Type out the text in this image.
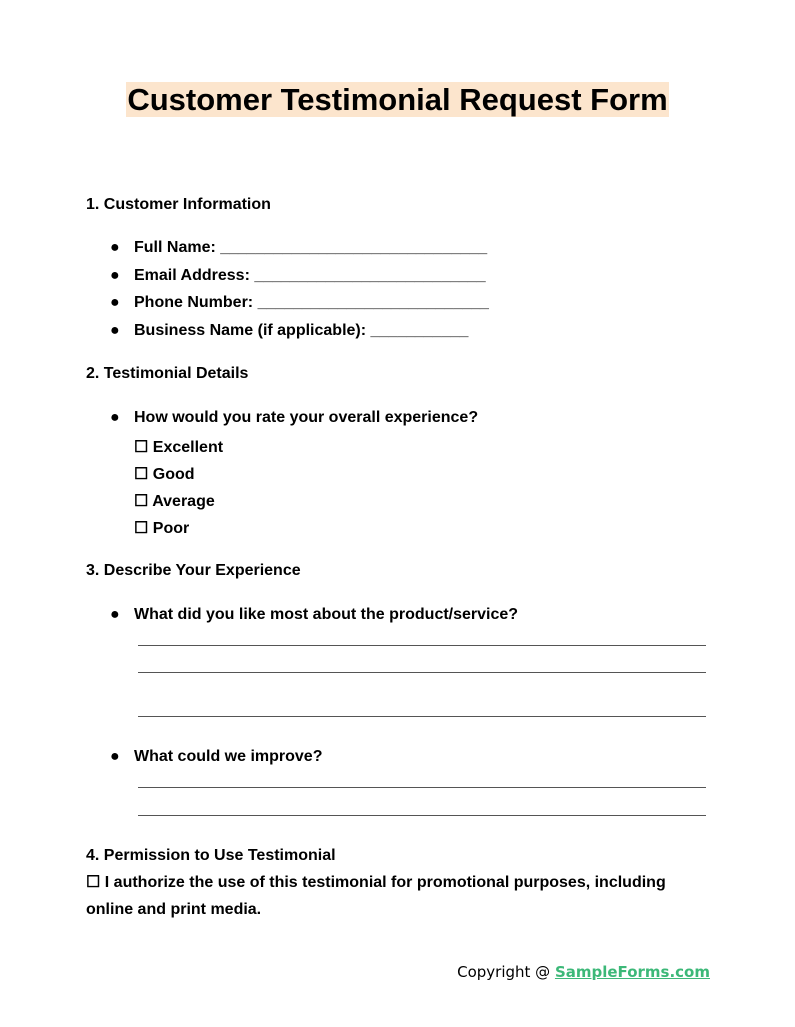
Customer Testimonial Request Form
1. Customer Information
● Full Name: ______________________________
● Email Address: __________________________
● Phone Number: __________________________
● Business Name (if applicable): ___________
2. Testimonial Details
● How would you rate your overall experience?
☐ Excellent
☐ Good
☐ Average
☐ Poor
3. Describe Your Experience
● What did you like most about the product/service?
● What could we improve?
4. Permission to Use Testimonial
☐ I authorize the use of this testimonial for promotional purposes, including online and print media.
Copyright @ SampleForms.com
